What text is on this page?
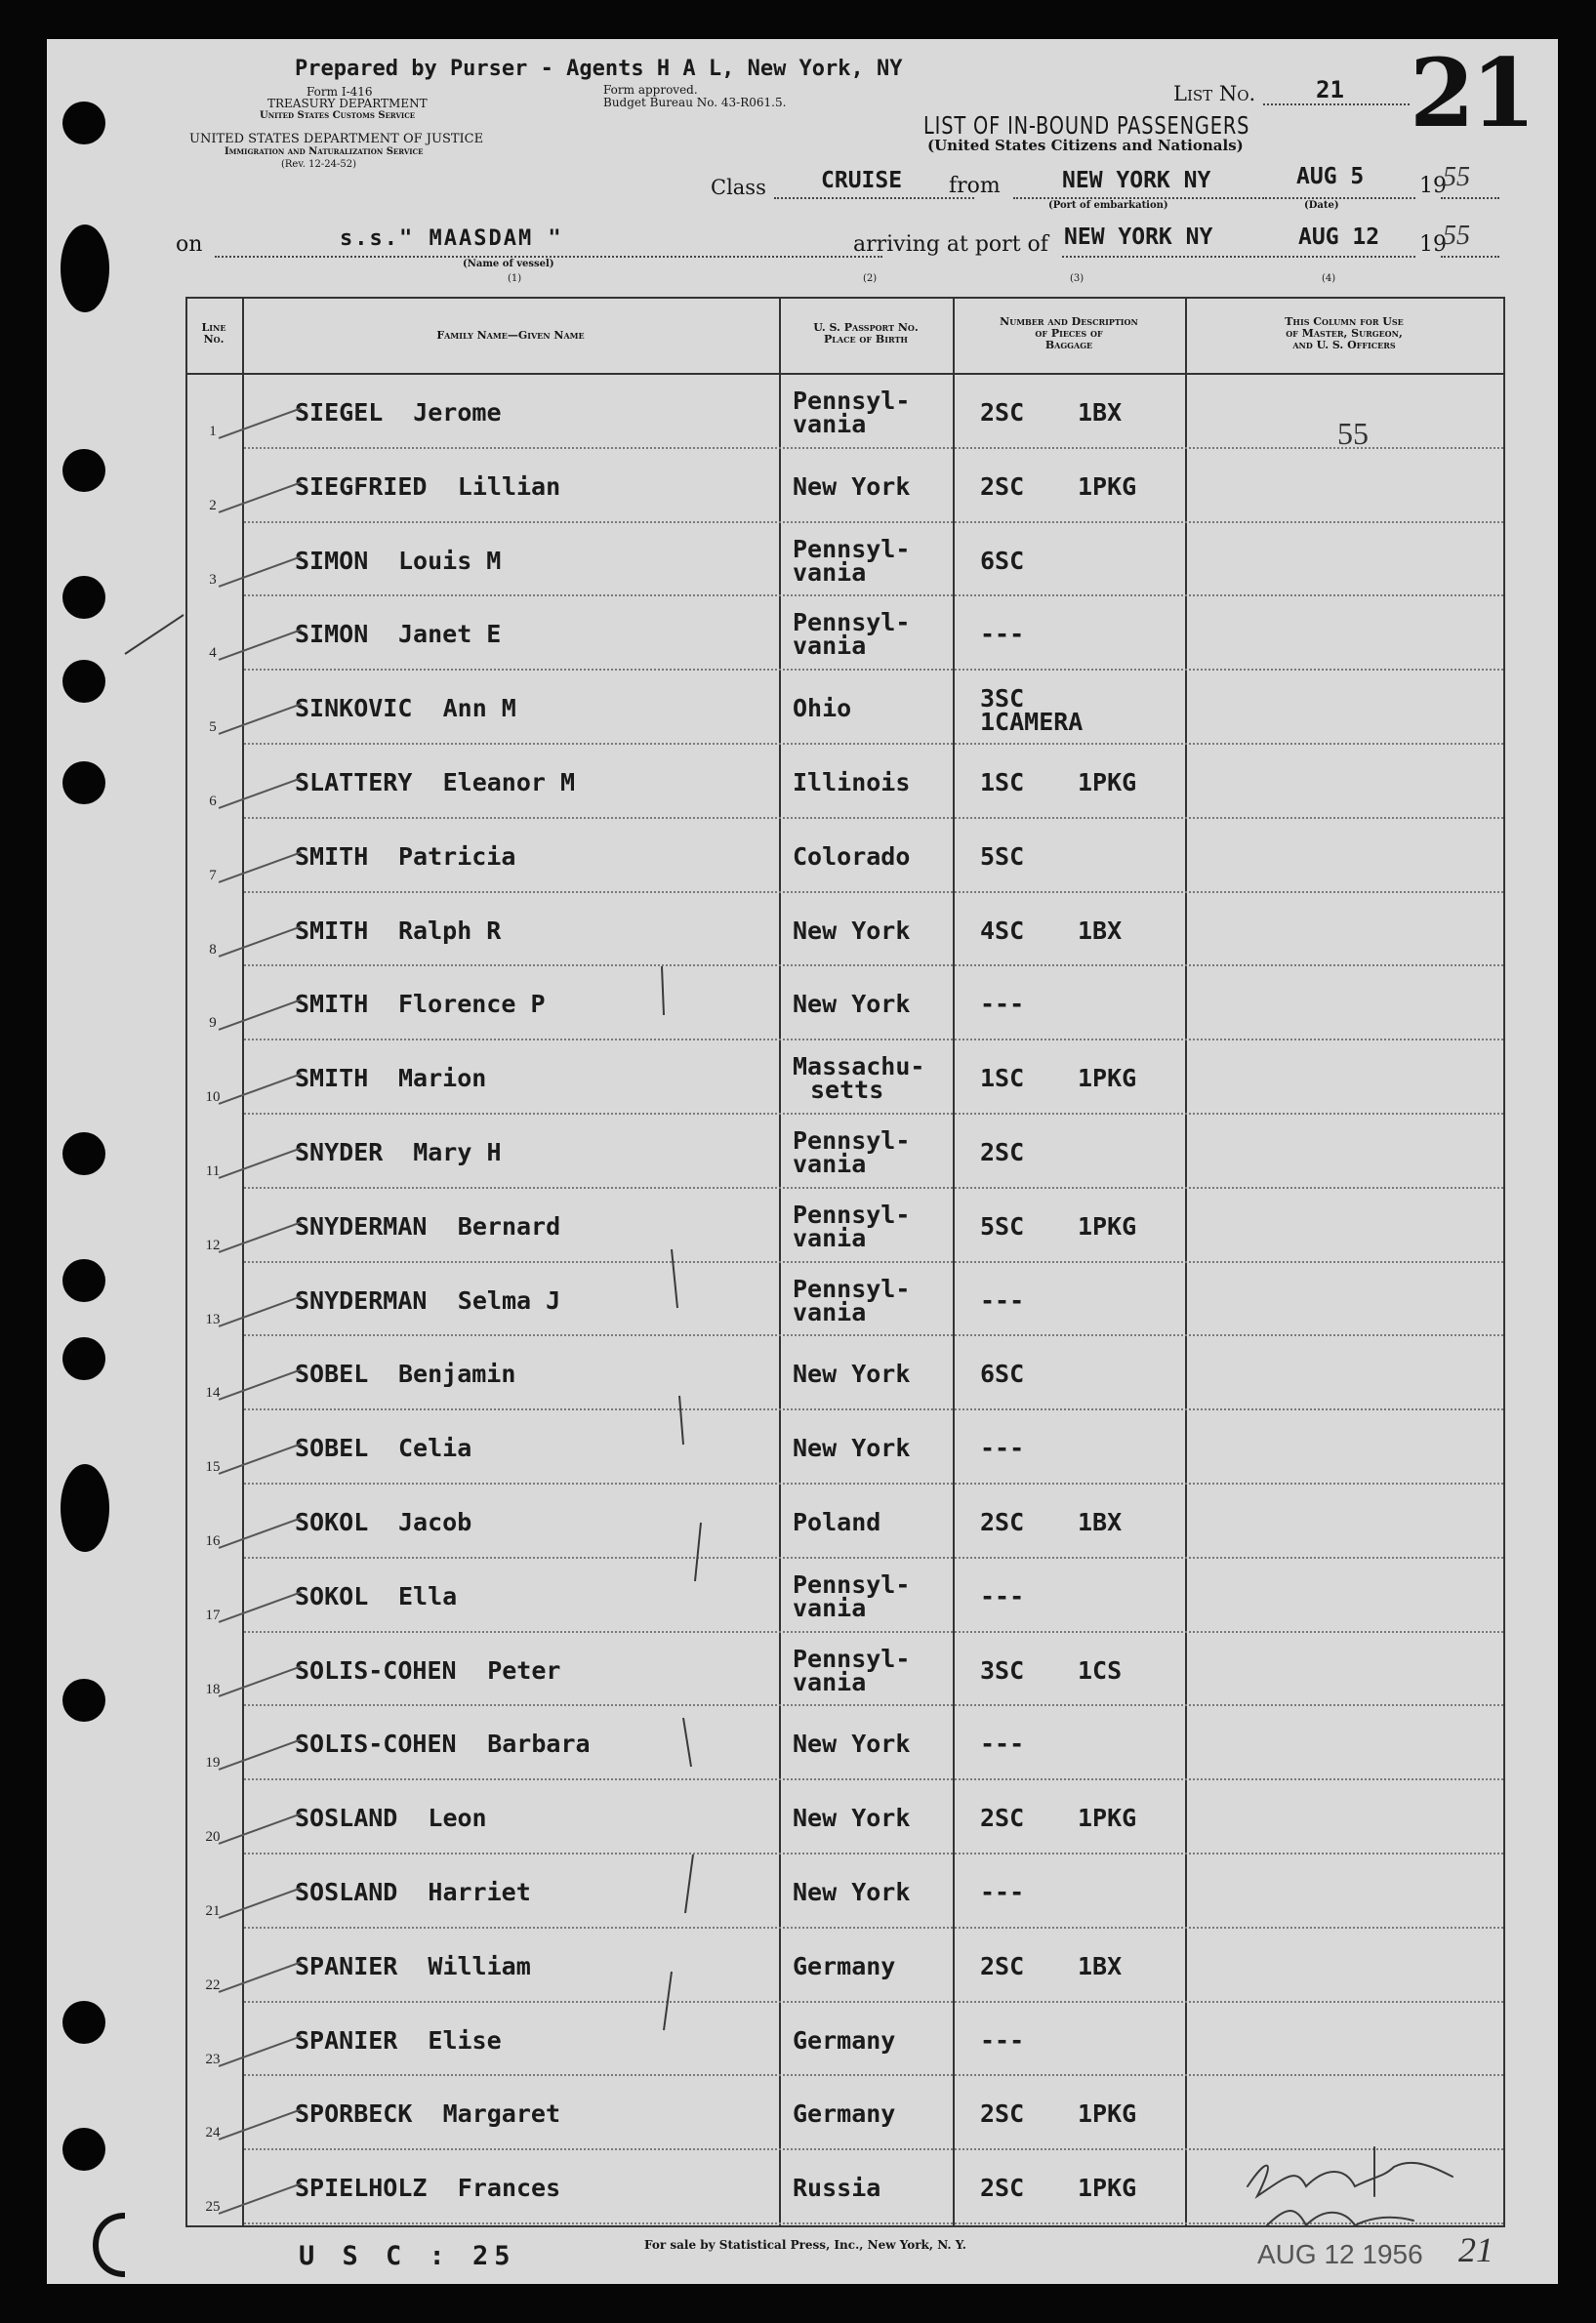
Prepared by Purser - Agents H A L, New York, NY
Form I-416
TREASURY DEPARTMENT
United States Customs Service
Form approved.
Budget Bureau No. 43-R061.5.
UNITED STATES DEPARTMENT OF JUSTICE
Immigration and Naturalization Service
(Rev. 12-24-52)
List No.	21 21
LIST OF IN-BOUND PASSENGERS
(United States Citizens and Nationals)
Class CRUISE from	NEW YORK NY
(Port of embarkation)
AUG 5
(Date)
19
55
on	s.s." MAASDAM "
(Name of vessel)
(1)
arriving at port of NEW YORK NY	AUG 12 19
55
(2)	(3)	(4)
Line
No.	Family Name—Given Name
U. S. Passport No.
Place of Birth
Number and Description
of Pieces of
Baggage
This Column for Use
of Master, Surgeon,
and U. S. Officers
1
SIEGEL Jerome	Pennsyl-
vania	2SC 1BX
55
2
SIEGFRIED Lillian	New York	2SC 1PKG
3
SIMON Louis M	Pennsyl-
vania	6SC
4
SIMON Janet E	Pennsyl-
vania	---
5
SINKOVIC Ann M	Ohio	3SC
1CAMERA
6
SLATTERY Eleanor M	Illinois	1SC 1PKG
7
SMITH Patricia	Colorado	5SC
8
SMITH Ralph R	New York	4SC 1BX
9
SMITH Florence P	New York	---
10
SMITH Marion	Massachu-
setts	1SC 1PKG
11
SNYDER Mary H	Pennsyl-
vania	2SC
12
SNYDERMAN Bernard	Pennsyl-
vania	5SC 1PKG
13
SNYDERMAN Selma J	Pennsyl-
vania	---
14
SOBEL Benjamin	New York	6SC
15
SOBEL Celia	New York	---
16
SOKOL Jacob	Poland	2SC 1BX
17
SOKOL Ella	Pennsyl-
vania	---
18
SOLIS-COHEN Peter	Pennsyl-
vania	3SC 1CS
19
SOLIS-COHEN Barbara	New York	---
20
SOSLAND Leon	New York	2SC 1PKG
21
SOSLAND Harriet	New York	---
22
SPANIER William	Germany	2SC 1BX
23
SPANIER Elise	Germany	---
24
SPORBECK Margaret	Germany	2SC 1PKG
25
SPIELHOLZ Frances	Russia	2SC 1PKG
U S C : 25	For sale by Statistical Press, Inc., New York, N. Y.	AUG 12 1956 21
